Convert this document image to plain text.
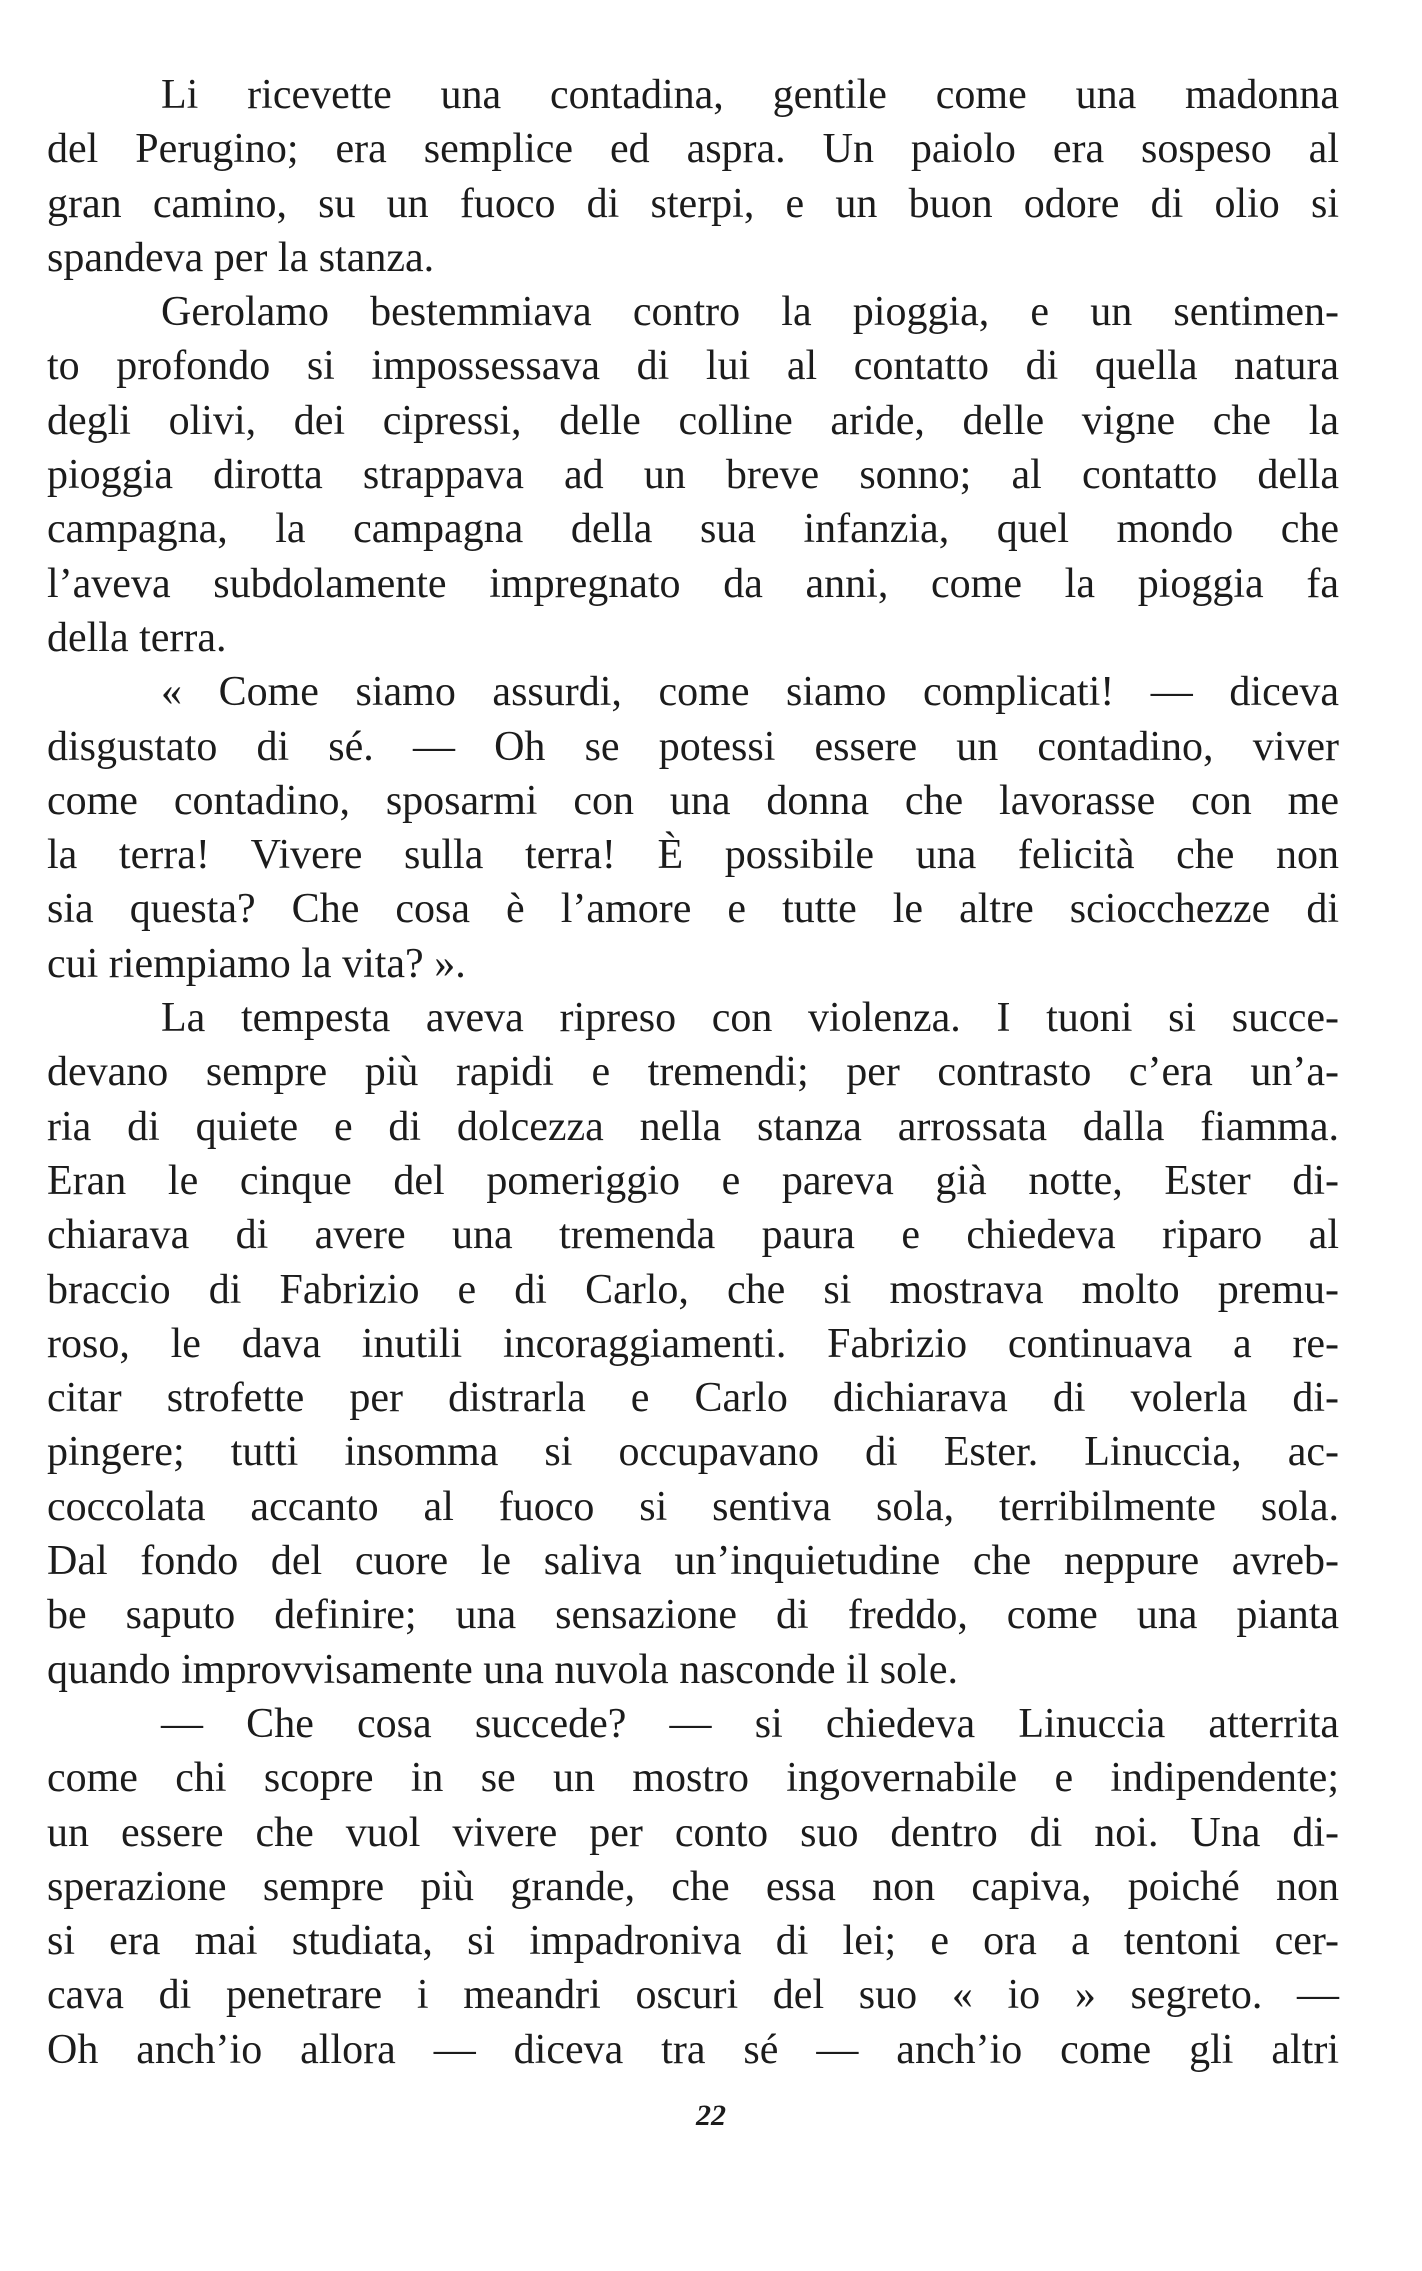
Li ricevette una contadina, gentile come una madonna
del Perugino; era semplice ed aspra. Un paiolo era sospeso al
gran camino, su un fuoco di sterpi, e un buon odore di olio si
spandeva per la stanza.
Gerolamo bestemmiava contro la pioggia, e un sentimen-
to profondo si impossessava di lui al contatto di quella natura
degli olivi, dei cipressi, delle colline aride, delle vigne che la
pioggia dirotta strappava ad un breve sonno; al contatto della
campagna, la campagna della sua infanzia, quel mondo che
l’aveva subdolamente impregnato da anni, come la pioggia fa
della terra.
« Come siamo assurdi, come siamo complicati! — diceva
disgustato di sé. — Oh se potessi essere un contadino, viver
come contadino, sposarmi con una donna che lavorasse con me
la terra! Vivere sulla terra! È possibile una felicità che non
sia questa? Che cosa è l’amore e tutte le altre sciocchezze di
cui riempiamo la vita? ».
La tempesta aveva ripreso con violenza. I tuoni si succe-
devano sempre più rapidi e tremendi; per contrasto c’era un’a-
ria di quiete e di dolcezza nella stanza arrossata dalla fiamma.
Eran le cinque del pomeriggio e pareva già notte, Ester di-
chiarava di avere una tremenda paura e chiedeva riparo al
braccio di Fabrizio e di Carlo, che si mostrava molto premu-
roso, le dava inutili incoraggiamenti. Fabrizio continuava a re-
citar strofette per distrarla e Carlo dichiarava di volerla di-
pingere; tutti insomma si occupavano di Ester. Linuccia, ac-
coccolata accanto al fuoco si sentiva sola, terribilmente sola.
Dal fondo del cuore le saliva un’inquietudine che neppure avreb-
be saputo definire; una sensazione di freddo, come una pianta
quando improvvisamente una nuvola nasconde il sole.
— Che cosa succede? — si chiedeva Linuccia atterrita
come chi scopre in se un mostro ingovernabile e indipendente;
un essere che vuol vivere per conto suo dentro di noi. Una di-
sperazione sempre più grande, che essa non capiva, poiché non
si era mai studiata, si impadroniva di lei; e ora a tentoni cer-
cava di penetrare i meandri oscuri del suo « io » segreto. —
Oh anch’io allora — diceva tra sé — anch’io come gli altri
22
